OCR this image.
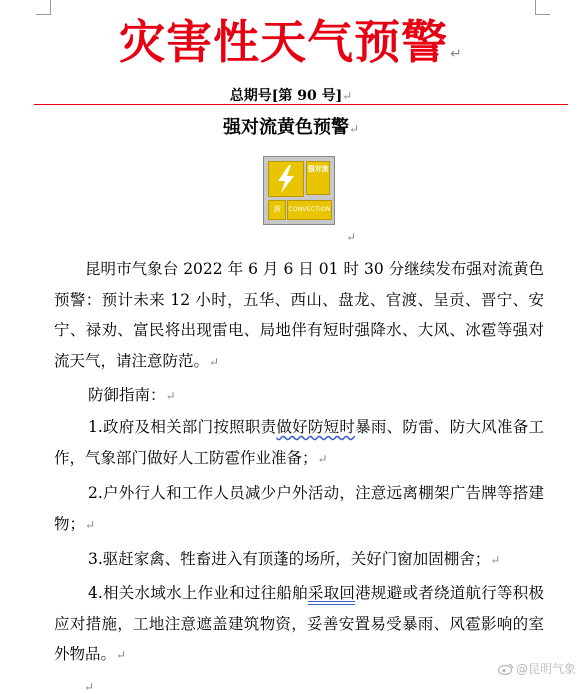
灾害性天气预警 ↵
总期号[第 90 号]↵
强对流黄色预警↵
强对流
黄	CONVECTION
↵
昆明市气象台 2022 年 6 月 6 日 01 时 30 分继续发布强对流黄色预警：预计未来 12 小时，五华、西山、盘龙、官渡、呈贡、晋宁、安宁、禄劝、富民将出现雷电、局地伴有短时强降水、大风、冰雹等强对流天气，请注意防范。↵
防御指南：↵
1.政府及相关部门按照职责做好防短时暴雨、防雷、防大风准备工作，气象部门做好人工防雹作业准备；↵
2.户外行人和工作人员减少户外活动，注意远离棚架广告牌等搭建物；↵
3.驱赶家禽、牲畜进入有顶蓬的场所，关好门窗加固棚舍；↵
4.相关水域水上作业和过往船舶采取回港规避或者绕道航行等积极应对措施，工地注意遮盖建筑物资，妥善安置易受暴雨、风雹影响的室外物品。↵
↵
@昆明气象
